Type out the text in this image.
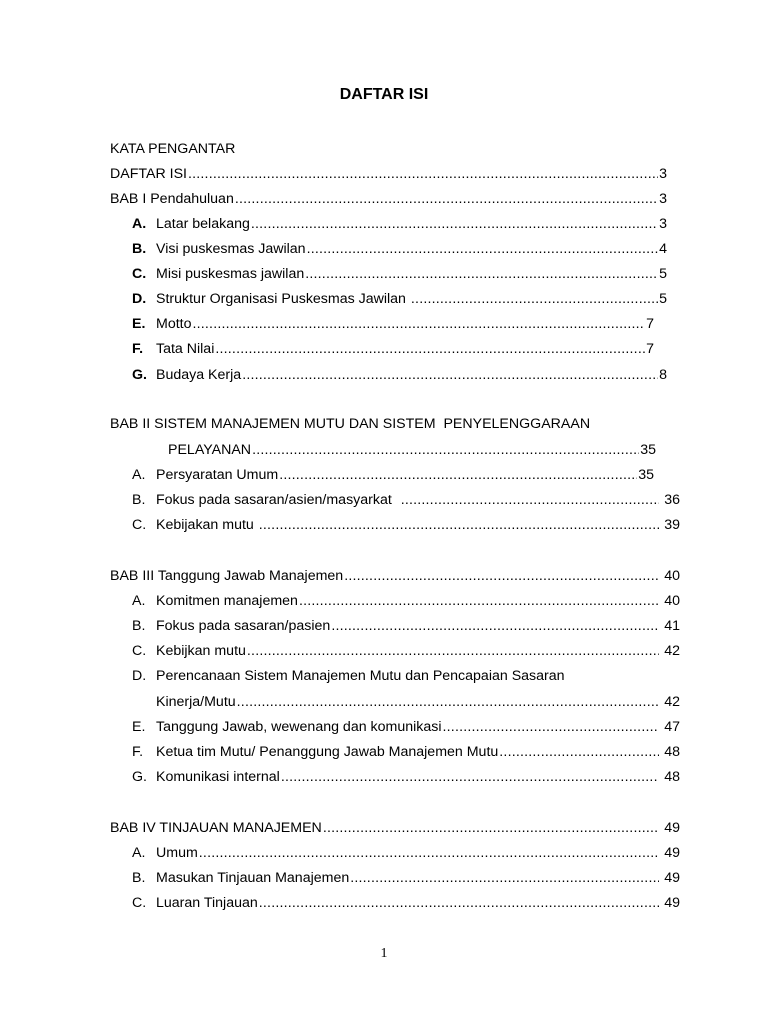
DAFTAR ISI
KATA PENGANTAR
DAFTAR ISI .....	3
BAB I Pendahuluan .....	3
A. Latar belakang .....	3
B. Visi puskesmas Jawilan .....	4
C. Misi puskesmas jawilan .....	5
D. Struktur Organisasi Puskesmas Jawilan .....	5
E. Motto .....	7
F. Tata Nilai .....	7
G. Budaya Kerja .....	8
BAB II SISTEM MANAJEMEN MUTU DAN SISTEM  PENYELENGGARAAN
PELAYANAN .....	35
A. Persyaratan Umum .....	35
B. Fokus pada sasaran/asien/masyarkat .....	36
C. Kebijakan mutu .....	39
BAB III Tanggung Jawab Manajemen .....	40
A. Komitmen manajemen .....	40
B. Fokus pada sasaran/pasien .....	41
C. Kebijkan mutu .....	42
D. Perencanaan Sistem Manajemen Mutu dan Pencapaian Sasaran
Kinerja/Mutu .....	42
E. Tanggung Jawab, wewenang dan komunikasi .....	47
F. Ketua tim Mutu/ Penanggung Jawab Manajemen Mutu .....	48
G. Komunikasi internal .....	48
BAB IV TINJAUAN MANAJEMEN .....	49
A. Umum .....	49
B. Masukan Tinjauan Manajemen .....	49
C. Luaran Tinjauan .....	49
1
